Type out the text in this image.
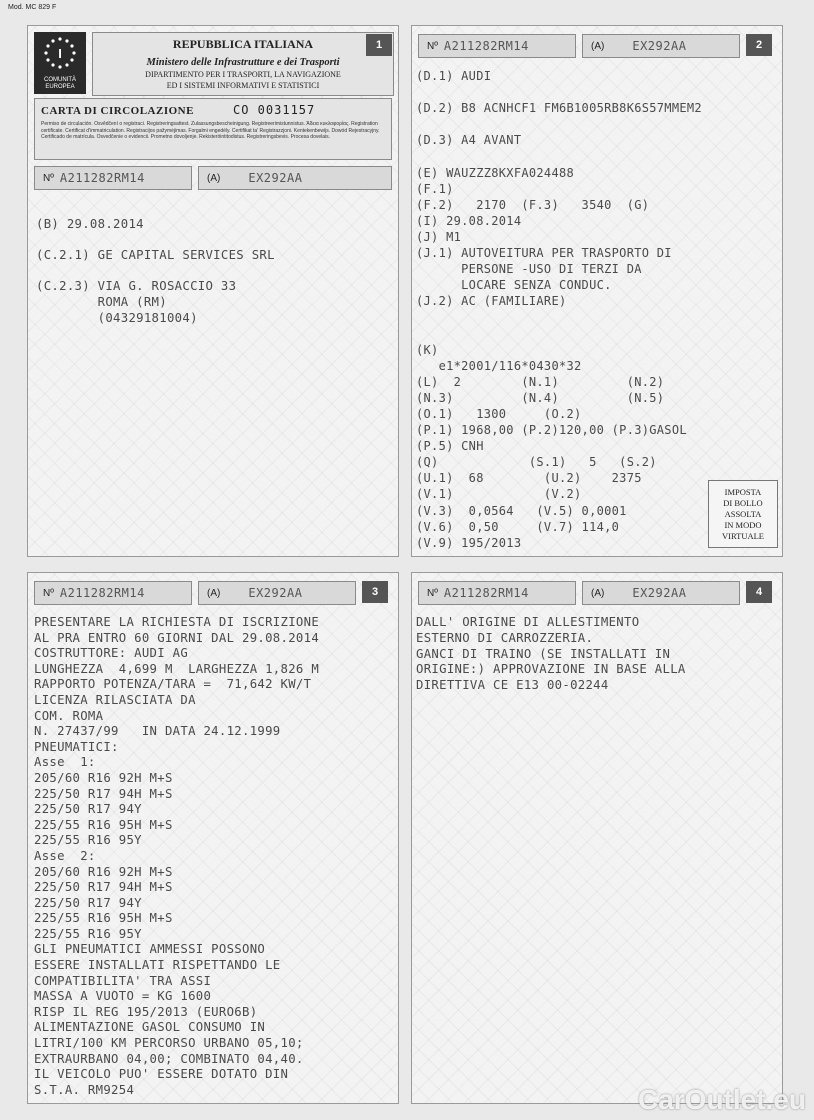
Mod. MC 829 F
I
COMUNITÀ EUROPEA
REPUBBLICA ITALIANA
Ministero delle Infrastrutture e dei Trasporti
DIPARTIMENTO PER I TRASPORTI, LA NAVIGAZIONE
ED I SISTEMI INFORMATIVI E STATISTICI
CARTA DI CIRCOLAZIONE	CO 0031157
Permiso de circulación. Osvědčení o registraci. Registreringsattest. Zulassungsbescheinigung. Registreerimistunnistus. Άδεια κυκλοφορίας. Registration certificate. Certificat d'immatriculation. Registracijos pažymėjimas. Forgalmi engedély. Certifikat ta' Registrazzjoni. Kentekenbewijs. Dowód Rejestracyjny. Certificado de matrícula. Osvedčenie o evidencii. Prometno dovoljenje. Rekisteröintitodistus. Registreringsbevis. Procesa dovelais.
1
Nº A211282RM14	(A) EX292AA
(B) 29.08.2014

(C.2.1) GE CAPITAL SERVICES SRL

(C.2.3) VIA G. ROSACCIO 33
ROMA (RM)
(04329181004)
Nº A211282RM14	(A) EX292AA	2
(D.1) AUDI

(D.2) B8 ACNHCF1 FM6B1005RB8K6S57MMEM2

(D.3) A4 AVANT

(E) WAUZZZ8KXFA024488
(F.1)
(F.2)   2170  (F.3)   3540  (G)
(I) 29.08.2014
(J) M1
(J.1) AUTOVEITURA PER TRASPORTO DI
PERSONE -USO DI TERZI DA
LOCARE SENZA CONDUC.
(J.2) AC (FAMILIARE)

(K)
e1*2001/116*0430*32
(L)  2        (N.1)         (N.2)
(N.3)         (N.4)         (N.5)
(O.1)   1300     (O.2)
(P.1) 1968,00 (P.2)120,00 (P.3)GASOL
(P.5) CNH
(Q)            (S.1)   5   (S.2)
(U.1)  68        (U.2)    2375
(V.1)            (V.2)
(V.3)  0,0564   (V.5) 0,0001
(V.6)  0,50     (V.7) 114,0
(V.9) 195/2013
IMPOSTA
DI BOLLO
ASSOLTA
IN MODO
VIRTUALE
Nº A211282RM14	(A) EX292AA	3
PRESENTARE LA RICHIESTA DI ISCRIZIONE
AL PRA ENTRO 60 GIORNI DAL 29.08.2014
COSTRUTTORE: AUDI AG
LUNGHEZZA  4,699 M  LARGHEZZA 1,826 M
RAPPORTO POTENZA/TARA =  71,642 KW/T
LICENZA RILASCIATA DA
COM. ROMA
N. 27437/99   IN DATA 24.12.1999
PNEUMATICI:
Asse  1:
205/60 R16 92H M+S
225/50 R17 94H M+S
225/50 R17 94Y
225/55 R16 95H M+S
225/55 R16 95Y
Asse  2:
205/60 R16 92H M+S
225/50 R17 94H M+S
225/50 R17 94Y
225/55 R16 95H M+S
225/55 R16 95Y
GLI PNEUMATICI AMMESSI POSSONO
ESSERE INSTALLATI RISPETTANDO LE
COMPATIBILITA' TRA ASSI
MASSA A VUOTO = KG 1600
RISP IL REG 195/2013 (EURO6B)
ALIMENTAZIONE GASOL CONSUMO IN
LITRI/100 KM PERCORSO URBANO 05,10;
EXTRAURBANO 04,00; COMBINATO 04,40.
IL VEICOLO PUO' ESSERE DOTATO DIN
S.T.A. RM9254
Nº A211282RM14	(A) EX292AA	4
DALL' ORIGINE DI ALLESTIMENTO
ESTERNO DI CARROZZERIA.
GANCI DI TRAINO (SE INSTALLATI IN
ORIGINE:) APPROVAZIONE IN BASE ALLA
DIRETTIVA CE E13 00-02244
CarOutlet.eu
